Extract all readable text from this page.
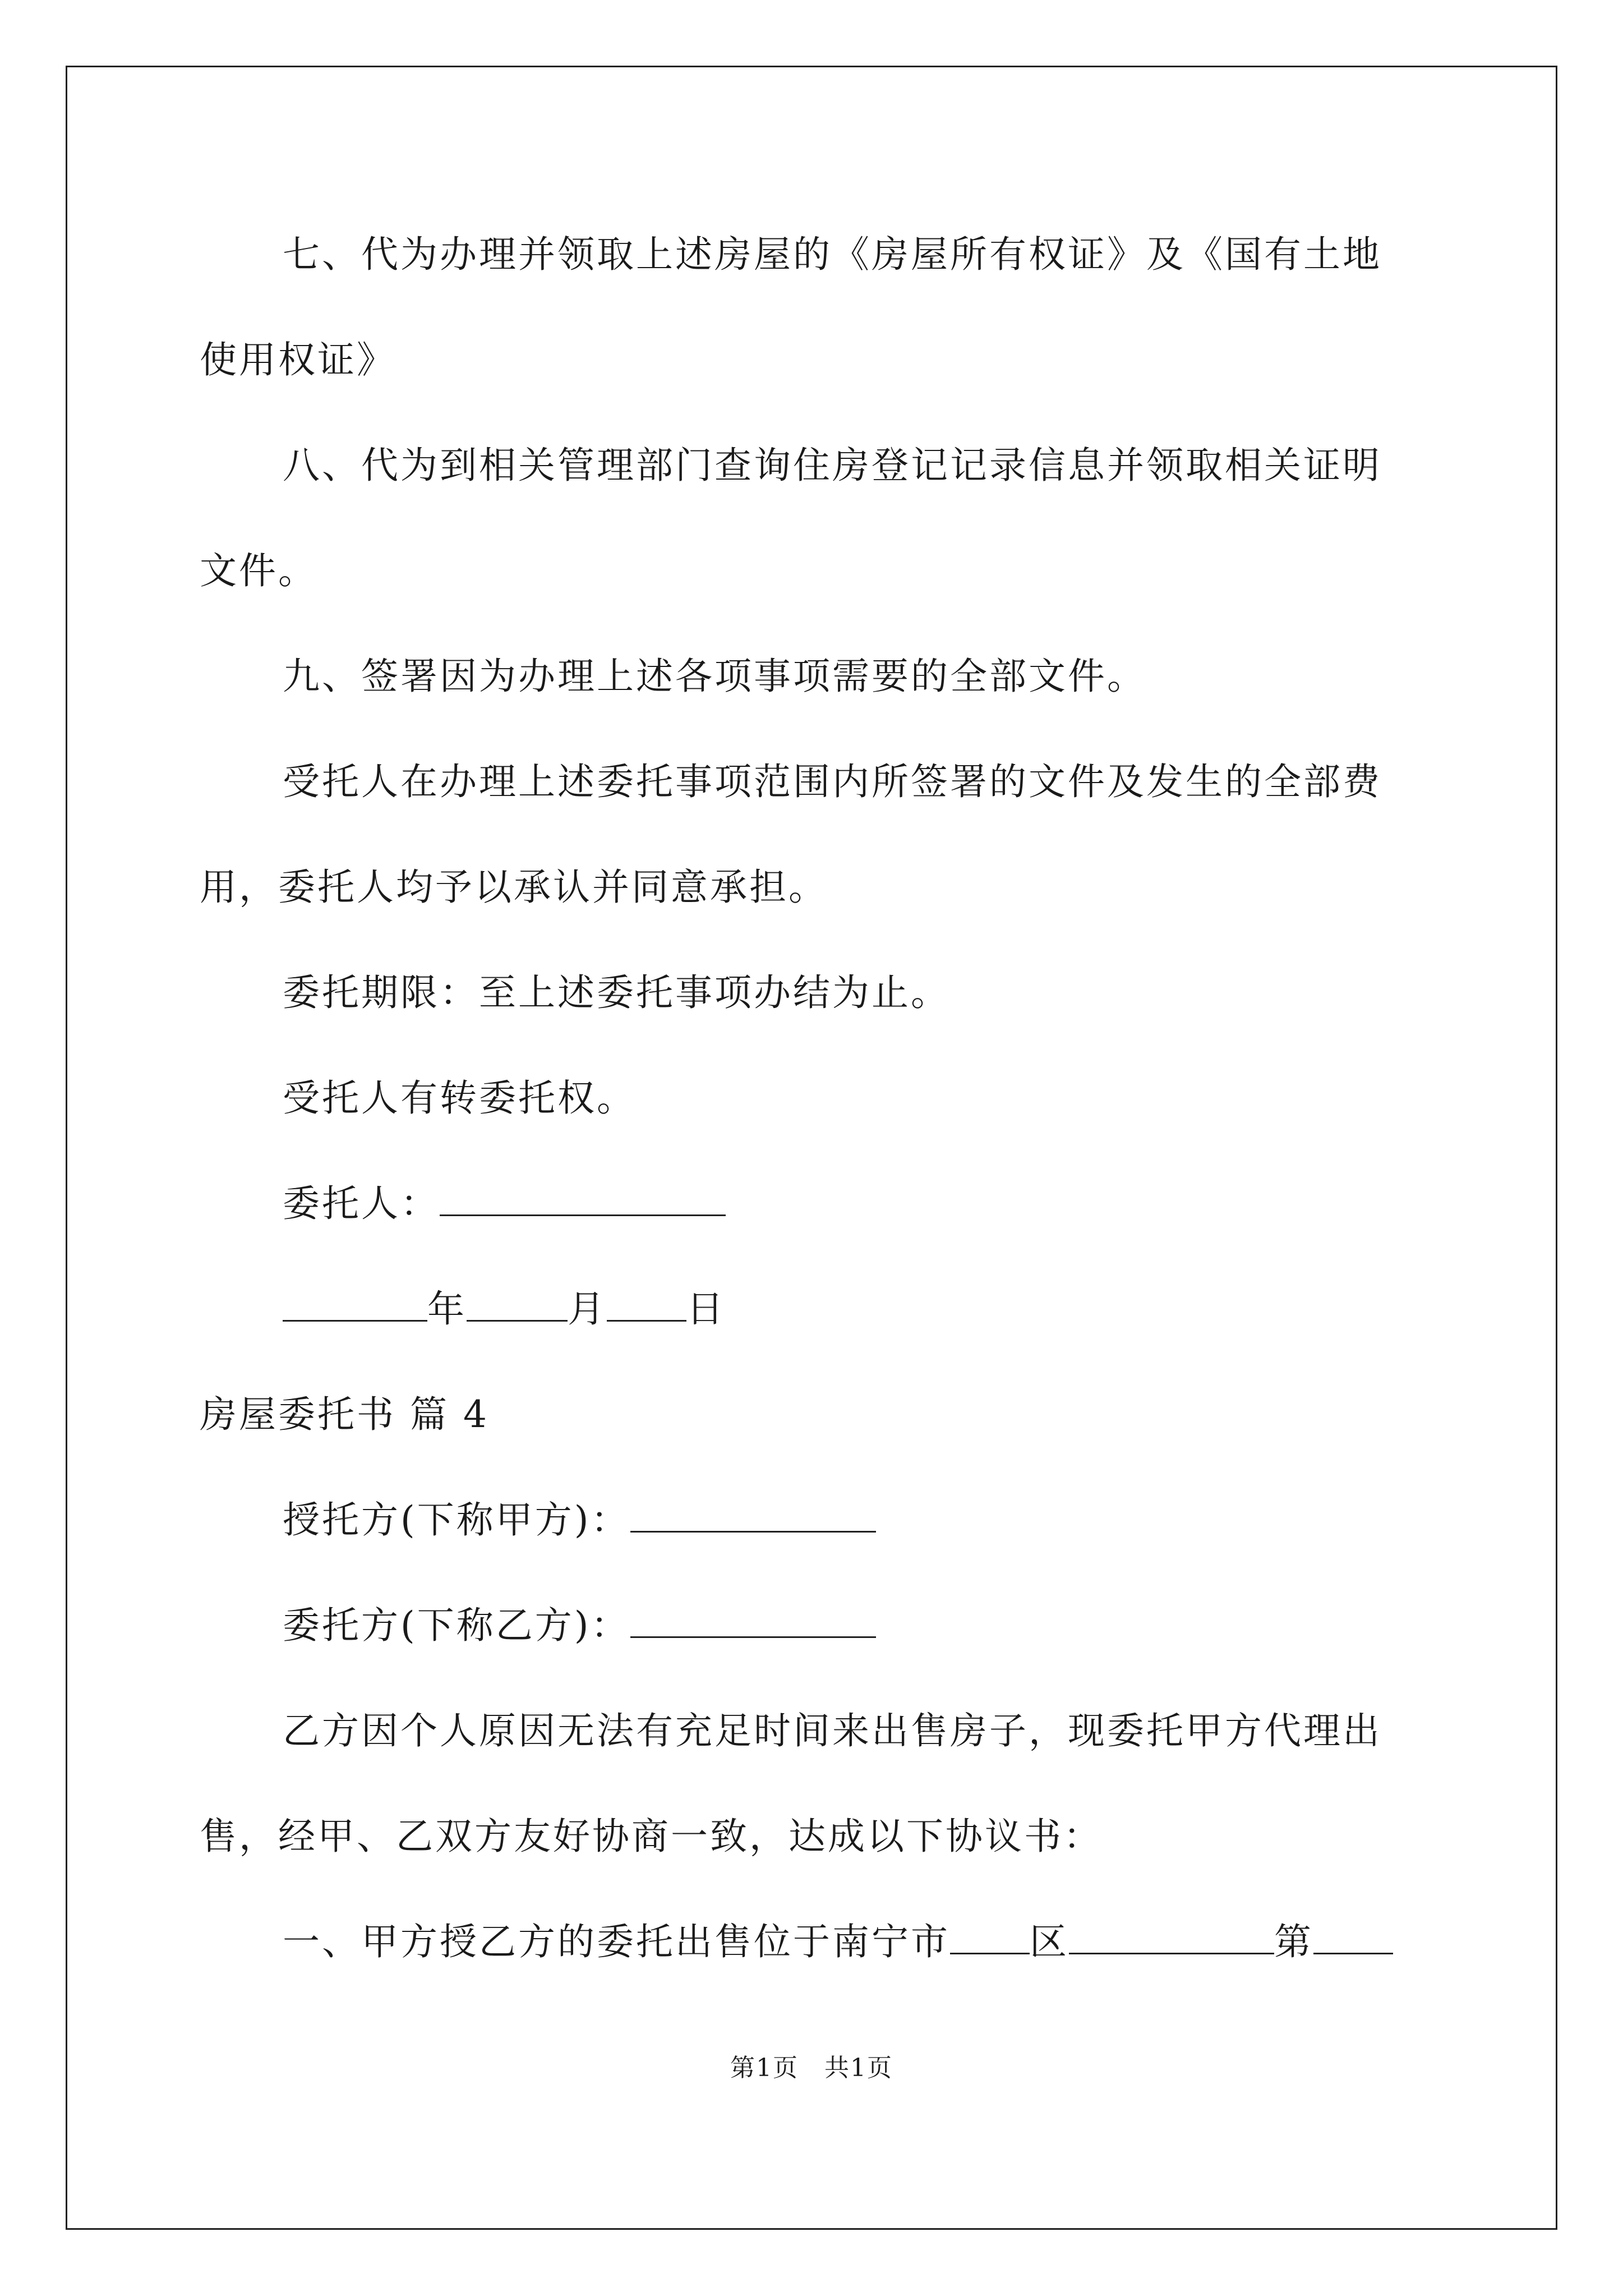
七、代为办理并领取上述房屋的《房屋所有权证》及《国有土地

使用权证》

八、代为到相关管理部门查询住房登记记录信息并领取相关证明

文件。

九、签署因为办理上述各项事项需要的全部文件。

受托人在办理上述委托事项范围内所签署的文件及发生的全部费

用，委托人均予以承认并同意承担。

委托期限：至上述委托事项办结为止。

受托人有转委托权。

委托人：

年	月 日

房屋委托书 篇 4

授托方(下称甲方)：

委托方(下称乙方)：

乙方因个人原因无法有充足时间来出售房子，现委托甲方代理出

售，经甲、乙双方友好协商一致，达成以下协议书：

一、甲方授乙方的委托出售位于南宁市 区	第

第1页　共1页
